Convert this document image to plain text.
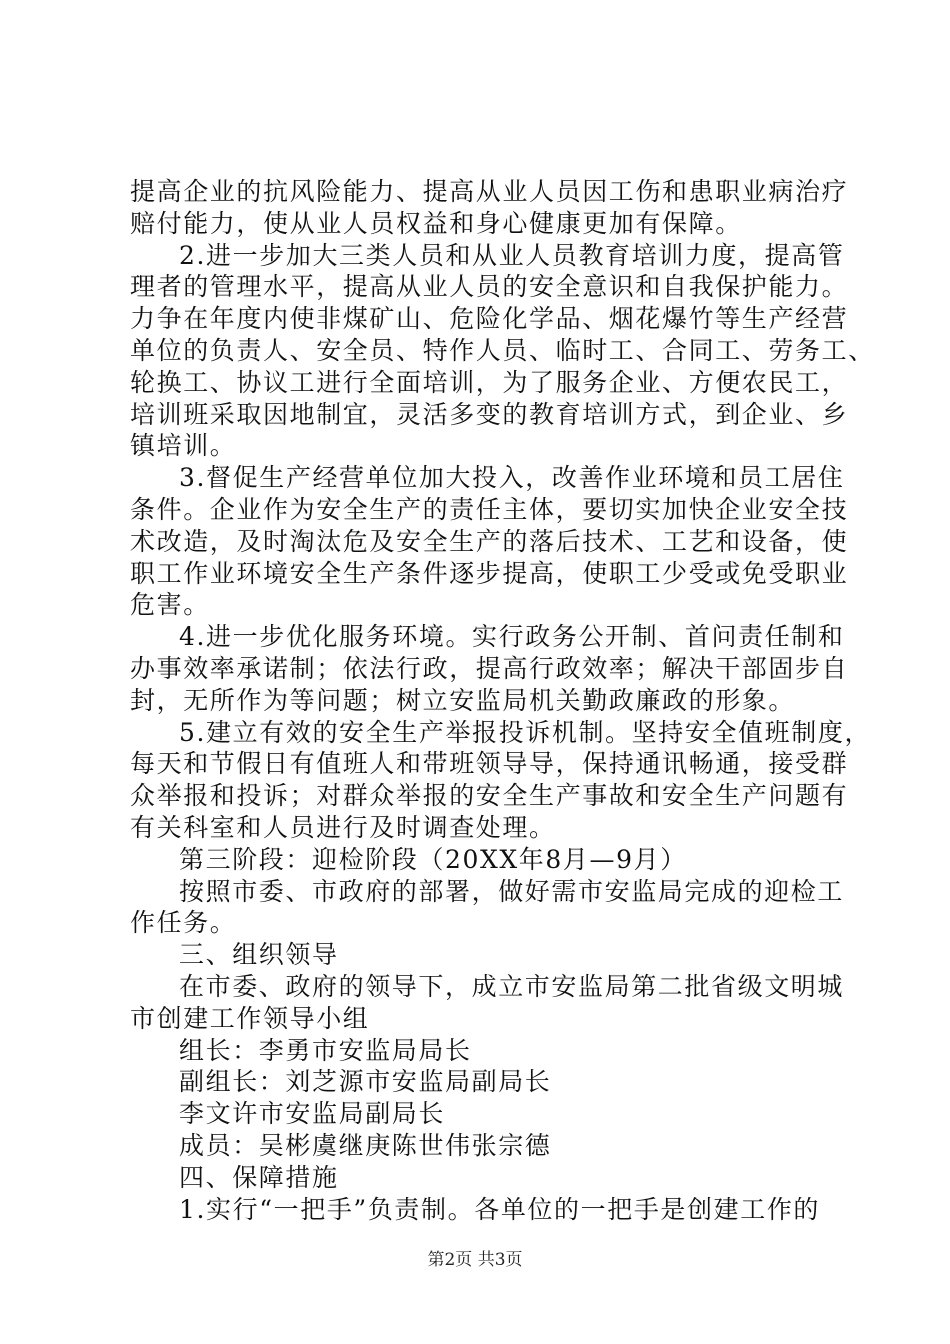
提高企业的抗风险能力、提高从业人员因工伤和患职业病治疗
赔付能力，使从业人员权益和身心健康更加有保障。
2.进一步加大三类人员和从业人员教育培训力度，提高管
理者的管理水平，提高从业人员的安全意识和自我保护能力。
力争在年度内使非煤矿山、危险化学品、烟花爆竹等生产经营
单位的负责人、安全员、特作人员、临时工、合同工、劳务工、
轮换工、协议工进行全面培训，为了服务企业、方便农民工，
培训班采取因地制宜，灵活多变的教育培训方式，到企业、乡
镇培训。
3.督促生产经营单位加大投入，改善作业环境和员工居住
条件。企业作为安全生产的责任主体，要切实加快企业安全技
术改造，及时淘汰危及安全生产的落后技术、工艺和设备，使
职工作业环境安全生产条件逐步提高，使职工少受或免受职业
危害。
4.进一步优化服务环境。实行政务公开制、首问责任制和
办事效率承诺制；依法行政，提高行政效率；解决干部固步自
封，无所作为等问题；树立安监局机关勤政廉政的形象。
5.建立有效的安全生产举报投诉机制。坚持安全值班制度，
每天和节假日有值班人和带班领导导，保持通讯畅通，接受群
众举报和投诉；对群众举报的安全生产事故和安全生产问题有
有关科室和人员进行及时调查处理。
第三阶段：迎检阶段（20XX年8月—9月）
按照市委、市政府的部署，做好需市安监局完成的迎检工
作任务。
三、组织领导
在市委、政府的领导下，成立市安监局第二批省级文明城
市创建工作领导小组
组长：李勇市安监局局长
副组长：刘芝源市安监局副局长
李文许市安监局副局长
成员：吴彬虞继庚陈世伟张宗德
四、保障措施
1.实行“一把手”负责制。各单位的一把手是创建工作的
第2页 共3页
